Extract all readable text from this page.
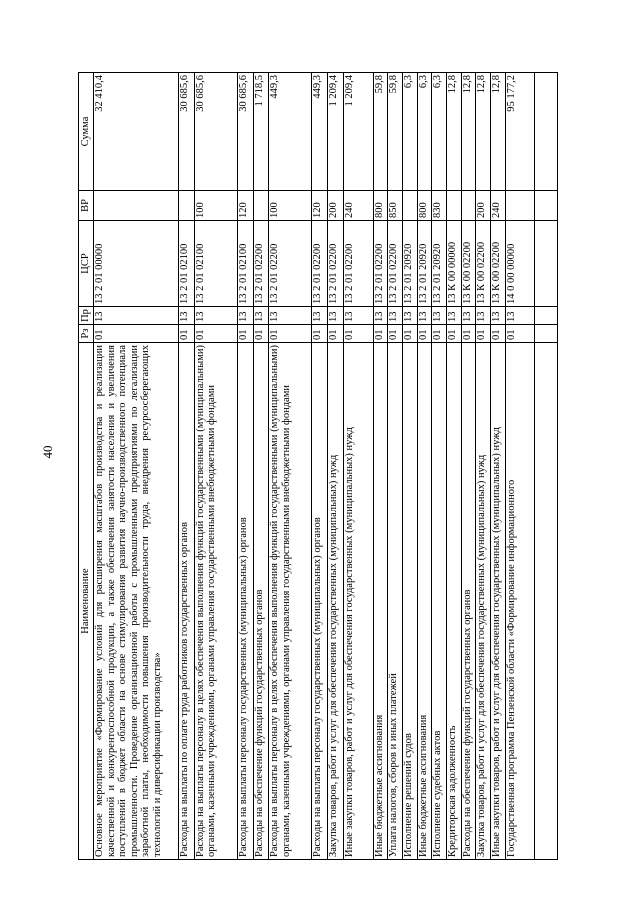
40
Наименование	Рз	Пр	ЦСР	ВР	Сумма
Основное мероприятие «Формирование условий для расширения масштабов производства и реализации качественной и конкурентоспособной продукции, а также обеспечения занятости населения и увеличения поступлений в бюджет области на основе стимулирования развития научно-производственного потенциала промышленности. Проведение организационной работы с промышленными предприятиями по легализации заработной платы, необходимости повышения производительности труда, внедрения ресурсосберегающих технологий и диверсификации производства»	01	13	13 2 01 00000		32 410,4
Расходы на выплаты по оплате труда работников государственных органов	01	13	13 2 01 02100		30 685,6
Расходы на выплаты персоналу в целях обеспечения выполнения функций государственными (муниципальными) органами, казенными учреждениями, органами управления государственными внебюджетными фондами	01	13	13 2 01 02100	100	30 685,6
Расходы на выплаты персоналу государственных (муниципальных) органов	01	13	13 2 01 02100	120	30 685,6
Расходы на обеспечение функций государственных органов	01	13	13 2 01 02200		1 718,5
Расходы на выплаты персоналу в целях обеспечения выполнения функций государственными (муниципальными) органами, казенными учреждениями, органами управления государственными внебюджетными фондами	01	13	13 2 01 02200	100	449,3
Расходы на выплаты персоналу государственных (муниципальных) органов	01	13	13 2 01 02200	120	449,3
Закупка товаров, работ и услуг для обеспечения государственных (муниципальных) нужд	01	13	13 2 01 02200	200	1 209,4
Иные закупки товаров, работ и услуг для обеспечения государственных (муниципальных) нужд	01	13	13 2 01 02200	240	1 209,4
Иные бюджетные ассигнования	01	13	13 2 01 02200	800	59,8
Уплата налогов, сборов и иных платежей	01	13	13 2 01 02200	850	59,8
Исполнение решений судов	01	13	13 2 01 20920		6,3
Иные бюджетные ассигнования	01	13	13 2 01 20920	800	6,3
Исполнение судебных актов	01	13	13 2 01 20920	830	6,3
Кредиторская задолженность	01	13	13 К 00 00000		12,8
Расходы на обеспечение функций государственных органов	01	13	13 К 00 02200		12,8
Закупка товаров, работ и услуг для обеспечения государственных (муниципальных) нужд	01	13	13 К 00 02200	200	12,8
Иные закупки товаров, работ и услуг для обеспечения государственных (муниципальных) нужд	01	13	13 К 00 02200	240	12,8
Государственная программа Пензенской области «Формирование информационного	01	13	14 0 00 00000		95 177,2
